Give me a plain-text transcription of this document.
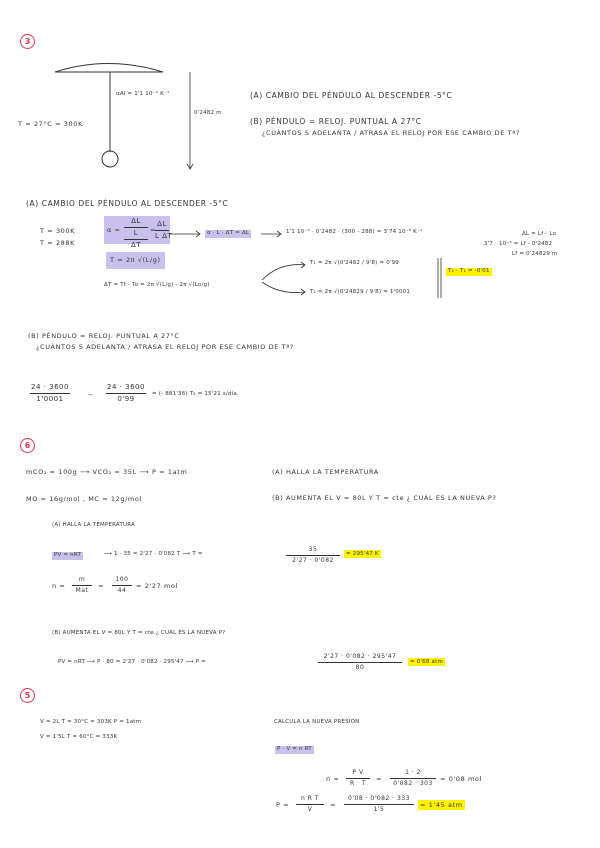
3
αAl = 1'1 10⁻⁵ K⁻¹
0'2482 m
T = 27°C = 300K
(A) CAMBIO DEL PÉNDULO AL DESCENDER -5°C
(B) PÉNDULO = RELOJ. PUNTUAL A 27°C
¿CUÁNTOS S ADELANTA / ATRASA EL RELOJ POR ESE CAMBIO DE Tª?
(A) CAMBIO DEL PÉNDULO AL DESCENDER -5°C
T = 300K
T = 288K
α =
ΔL
L
ΔT
=
ΔL
L ΔT	α · L · ΔT = ΔL	1'1 10⁻⁵ · 0'2482 · (300 - 288) = 3'74 10⁻⁵ K⁻¹	ΔL = Lf - Lo
3'7 · 10⁻⁵ = Lf - 0'2482
Lf = 0'24829 m
T = 2π √(L/g)
ΔT = Tf - To = 2π √(L/g) - 2π √(Lo/g)
T₁ = 2π √(0'2482 / 9'8) = 0'99
T₂ = 2π √(0'24829 / 9'8) = 1'0001
T₂ - T₁ = -0'01
(B) PÉNDULO = RELOJ. PUNTUAL A 27°C
¿CUÁNTOS S ADELANTA / ATRASA EL RELOJ POR ESE CAMBIO DE Tª?
24 · 3600
1'0001	−
24 · 3600
0'99
= (- 881'36) T₂ = 15'21 s/día.
6
mCO₂ = 100g ⟶ VCO₂ = 35L ⟶ P = 1atm
MO = 16g/mol , MC = 12g/mol
(A) HALLA LA TEMPERATURA
(B) AUMENTA EL V = 80L Y T = cte ¿ CUÁL ES LA NUEVA P?
(A) HALLA LA TEMPERATURA
PV = nRT	⟶ 1 · 35 = 2'27 · 0'082 T ⟶ T =
35
2'27 · 0'082
= 295'47 K
n =
m
Mat
=
100
44
= 2'27 mol
(B) AUMENTA EL V = 80L Y T = cte ¿ CUÁL ES LA NUEVA P?
PV = nRT ⟶ P · 80 = 2'27 · 0'082 · 295'47 ⟶ P =
2'27 · 0'082 · 295'47
80
= 0'68 atm
5
V = 2L T = 30°C = 303K P = 1atm
V = 1'5L T = 60°C = 333K
CALCULA LA NUEVA PRESIÓN
P · V = n RT
n =
P V
R · T
=
1 · 2
0'082 · 303
= 0'08 mol
P =
n R T
V
=
0'08 · 0'082 · 333
1'5
= 1'45 atm
